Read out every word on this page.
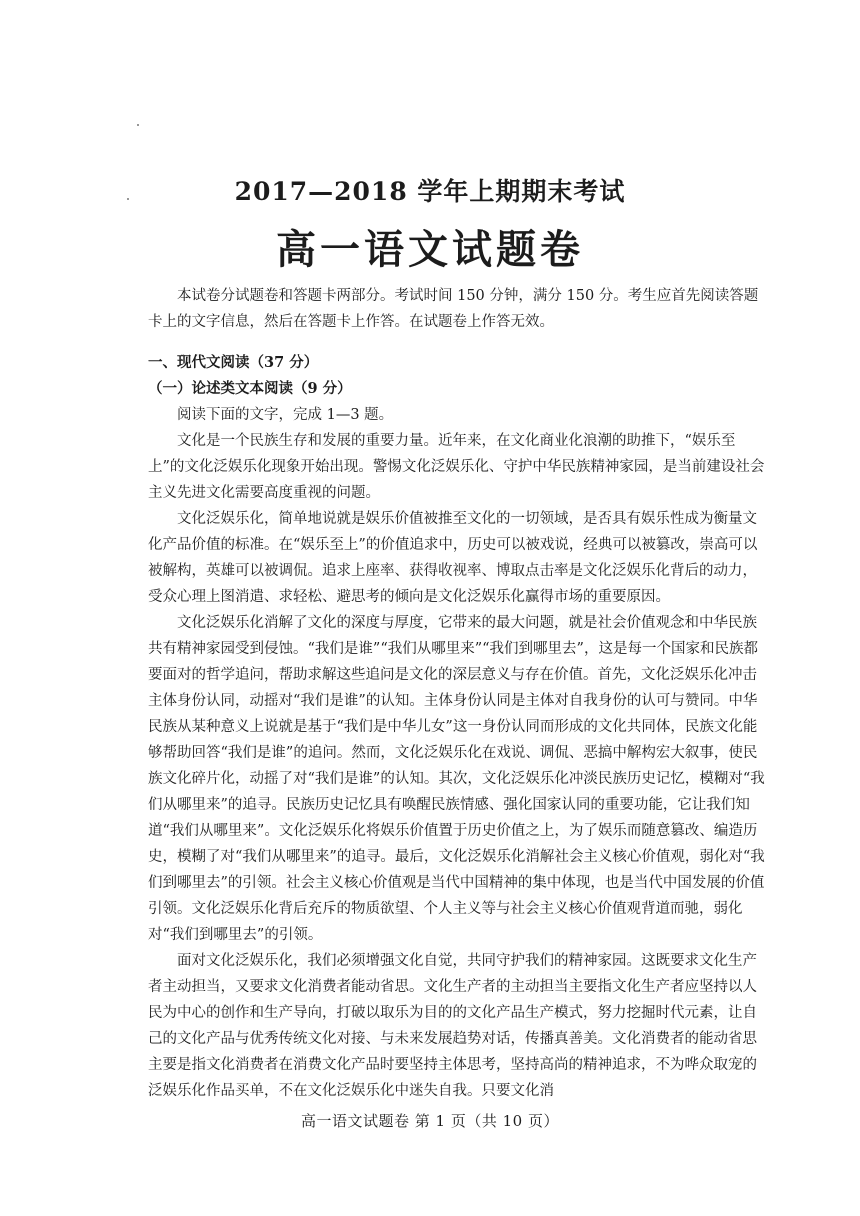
2017—2018 学年上期期末考试
高一语文试题卷
本试卷分试题卷和答题卡两部分。考试时间 150 分钟，满分 150 分。考生应首先阅读答题卡上的文字信息，然后在答题卡上作答。在试题卷上作答无效。
一、现代文阅读（37 分）
（一）论述类文本阅读（9 分）
阅读下面的文字，完成 1—3 题。

文化是一个民族生存和发展的重要力量。近年来，在文化商业化浪潮的助推下，“娱乐至上”的文化泛娱乐化现象开始出现。警惕文化泛娱乐化、守护中华民族精神家园，是当前建设社会主义先进文化需要高度重视的问题。

文化泛娱乐化，简单地说就是娱乐价值被推至文化的一切领域，是否具有娱乐性成为衡量文化产品价值的标准。在“娱乐至上”的价值追求中，历史可以被戏说，经典可以被篡改，崇高可以被解构，英雄可以被调侃。追求上座率、获得收视率、博取点击率是文化泛娱乐化背后的动力，受众心理上图消遣、求轻松、避思考的倾向是文化泛娱乐化赢得市场的重要原因。

文化泛娱乐化消解了文化的深度与厚度，它带来的最大问题，就是社会价值观念和中华民族共有精神家园受到侵蚀。“我们是谁”“我们从哪里来”“我们到哪里去”，这是每一个国家和民族都要面对的哲学追问，帮助求解这些追问是文化的深层意义与存在价值。首先，文化泛娱乐化冲击主体身份认同，动摇对“我们是谁”的认知。主体身份认同是主体对自我身份的认可与赞同。中华民族从某种意义上说就是基于“我们是中华儿女”这一身份认同而形成的文化共同体，民族文化能够帮助回答“我们是谁”的追问。然而，文化泛娱乐化在戏说、调侃、恶搞中解构宏大叙事，使民族文化碎片化，动摇了对“我们是谁”的认知。其次，文化泛娱乐化冲淡民族历史记忆，模糊对“我们从哪里来”的追寻。民族历史记忆具有唤醒民族情感、强化国家认同的重要功能，它让我们知道“我们从哪里来”。文化泛娱乐化将娱乐价值置于历史价值之上，为了娱乐而随意篡改、编造历史，模糊了对“我们从哪里来”的追寻。最后，文化泛娱乐化消解社会主义核心价值观，弱化对“我们到哪里去”的引领。社会主义核心价值观是当代中国精神的集中体现，也是当代中国发展的价值引领。文化泛娱乐化背后充斥的物质欲望、个人主义等与社会主义核心价值观背道而驰，弱化对“我们到哪里去”的引领。

面对文化泛娱乐化，我们必须增强文化自觉，共同守护我们的精神家园。这既要求文化生产者主动担当，又要求文化消费者能动省思。文化生产者的主动担当主要指文化生产者应坚持以人民为中心的创作和生产导向，打破以取乐为目的的文化产品生产模式，努力挖掘时代元素，让自己的文化产品与优秀传统文化对接、与未来发展趋势对话，传播真善美。文化消费者的能动省思主要是指文化消费者在消费文化产品时要坚持主体思考，坚持高尚的精神追求，不为哗众取宠的泛娱乐化作品买单，不在文化泛娱乐化中迷失自我。只要文化消

高一语文试题卷 第 1 页（共 10 页）
